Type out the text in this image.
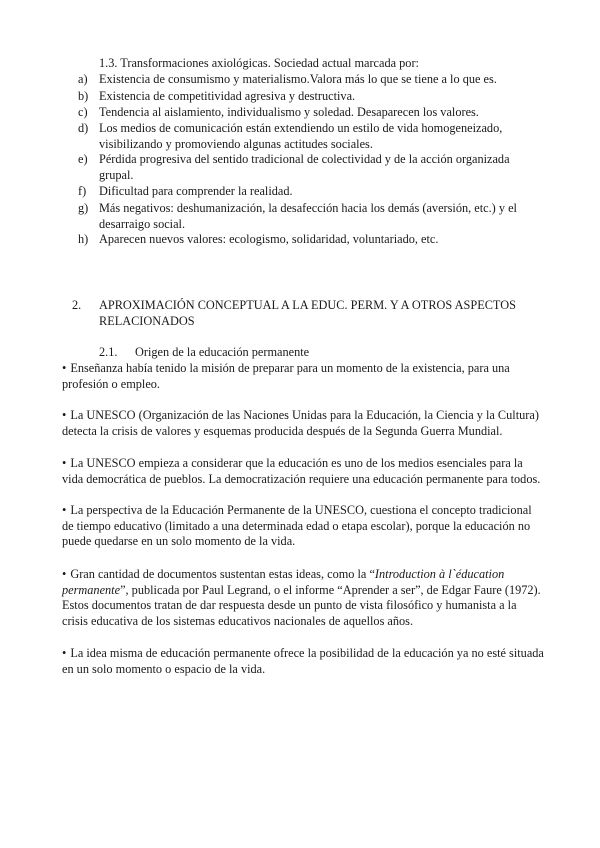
1.3. Transformaciones axiológicas. Sociedad actual marcada por:
a) Existencia de consumismo y materialismo.Valora más lo que se tiene a lo que es.
b) Existencia de competitividad agresiva y destructiva.
c) Tendencia al aislamiento, individualismo y soledad. Desaparecen los valores.
d) Los medios de comunicación están extendiendo un estilo de vida homogeneizado, visibilizando y promoviendo algunas actitudes sociales.
e) Pérdida progresiva del sentido tradicional de colectividad y de la acción organizada grupal.
f)	Dificultad para comprender la realidad.
g) Más negativos: deshumanización, la desafección hacia los demás (aversión, etc.) y el desarraigo social.
h) Aparecen nuevos valores: ecologismo, solidaridad, voluntariado, etc.
2. APROXIMACIÓN CONCEPTUAL A LA EDUC. PERM. Y A OTROS ASPECTOS RELACIONADOS
2.1. Origen de la educación permanente
• Enseñanza había tenido la misión de preparar para un momento de la existencia, para una profesión o empleo.
• La UNESCO (Organización de las Naciones Unidas para la Educación, la Ciencia y la Cultura) detecta la crisis de valores y esquemas producida después de la Segunda Guerra Mundial.
• La UNESCO empieza a considerar que la educación es uno de los medios esenciales para la vida democrática de pueblos. La democratización requiere una educación permanente para todos.
• La perspectiva de la Educación Permanente de la UNESCO, cuestiona el concepto tradicional de tiempo educativo (limitado a una determinada edad o etapa escolar), porque la educación no puede quedarse en un solo momento de la vida.
• Gran cantidad de documentos sustentan estas ideas, como la “Introduction à l`éducation permanente”, publicada por Paul Legrand, o el informe “Aprender a ser”, de Edgar Faure (1972). Estos documentos tratan de dar respuesta desde un punto de vista filosófico y humanista a la crisis educativa de los sistemas educativos nacionales de aquellos años.
• La idea misma de educación permanente ofrece la posibilidad de la educación ya no esté situada en un solo momento o espacio de la vida.
